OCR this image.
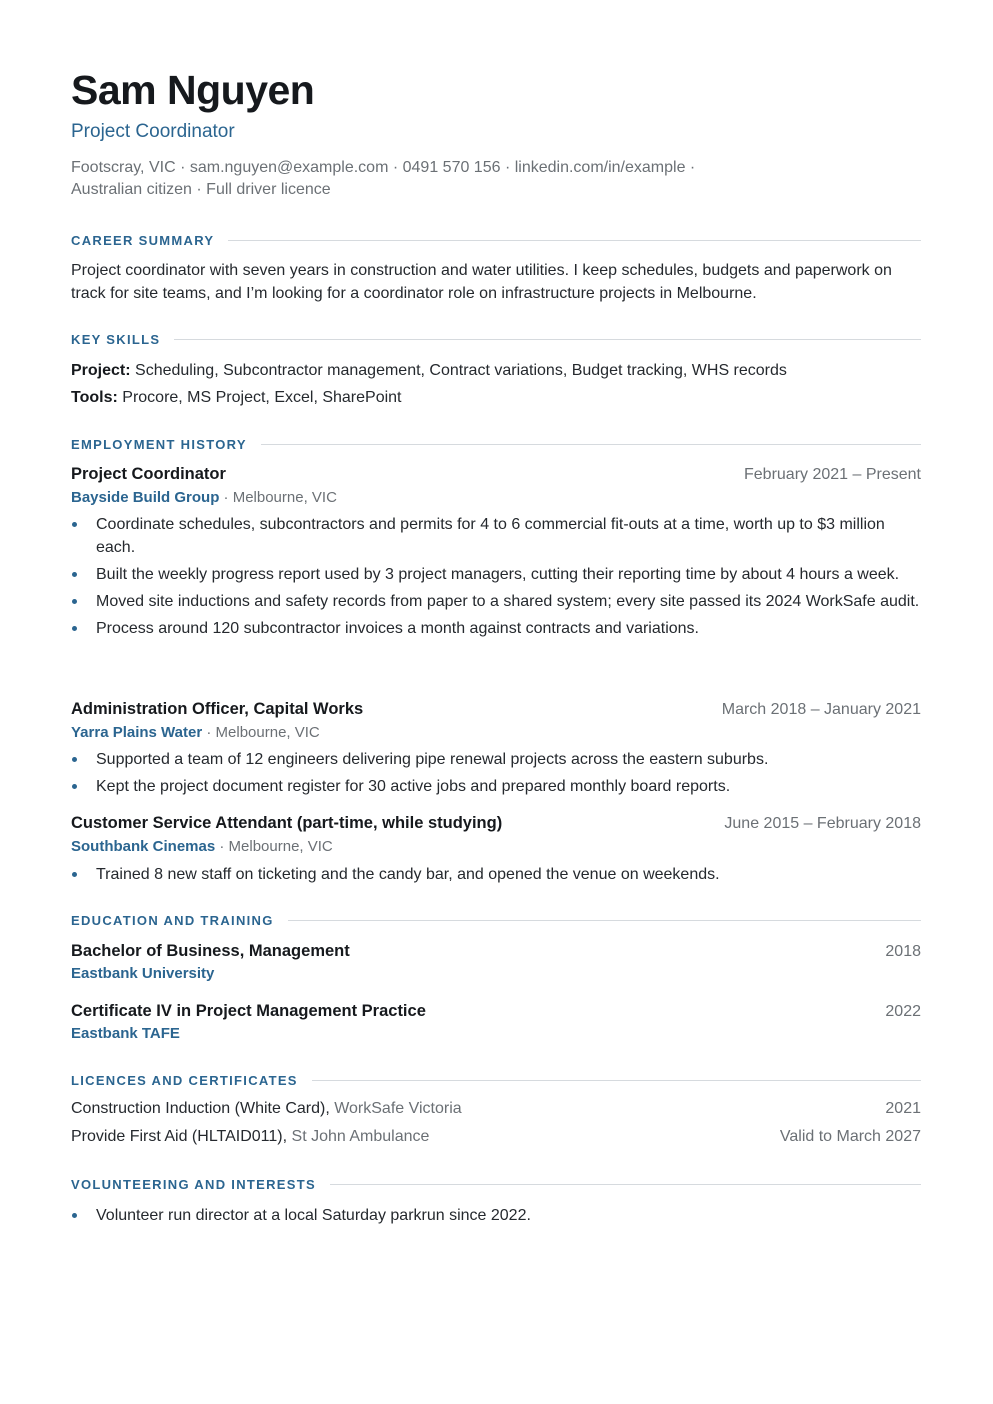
Sam Nguyen
Project Coordinator
Footscray, VIC · sam.nguyen@example.com · 0491 570 156 · linkedin.com/in/example ·
Australian citizen · Full driver licence
CAREER SUMMARY

Project coordinator with seven years in construction and water utilities. I keep schedules, budgets and paperwork on track for site teams, and I’m looking for a coordinator role on infrastructure projects in Melbourne.

KEY SKILLS
Project: Scheduling, Subcontractor management, Contract variations, Budget tracking, WHS records
Tools: Procore, MS Project, Excel, SharePoint
EMPLOYMENT HISTORY
Project Coordinator	February 2021 – Present
Bayside Build Group · Melbourne, VIC
Coordinate schedules, subcontractors and permits for 4 to 6 commercial fit-outs at a time, worth up to $3 million each.
Built the weekly progress report used by 3 project managers, cutting their reporting time by about 4 hours a week.
Moved site inductions and safety records from paper to a shared system; every site passed its 2024 WorkSafe audit.
Process around 120 subcontractor invoices a month against contracts and variations.
Administration Officer, Capital Works	March 2018 – January 2021
Yarra Plains Water · Melbourne, VIC
Supported a team of 12 engineers delivering pipe renewal projects across the eastern suburbs.
Kept the project document register for 30 active jobs and prepared monthly board reports.
Customer Service Attendant (part-time, while studying)	June 2015 – February 2018
Southbank Cinemas · Melbourne, VIC
Trained 8 new staff on ticketing and the candy bar, and opened the venue on weekends.
EDUCATION AND TRAINING
Bachelor of Business, Management	2018
Eastbank University
Certificate IV in Project Management Practice	2022
Eastbank TAFE
LICENCES AND CERTIFICATES
Construction Induction (White Card), WorkSafe Victoria	2021
Provide First Aid (HLTAID011), St John Ambulance	Valid to March 2027
VOLUNTEERING AND INTERESTS
Volunteer run director at a local Saturday parkrun since 2022.
